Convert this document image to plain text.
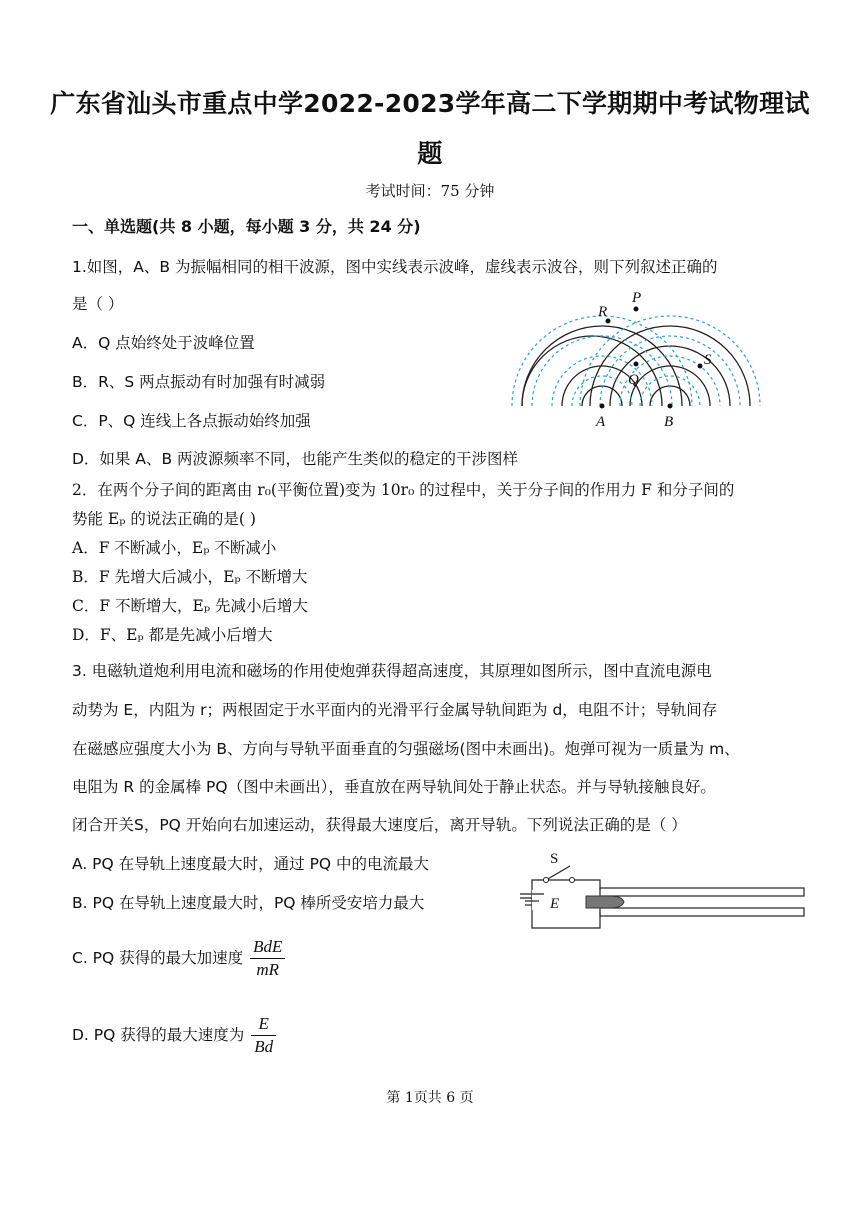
广东省汕头市重点中学2022-2023学年高二下学期期中考试物理试
题
考试时间：75 分钟
一、单选题(共 8 小题，每小题 3 分，共 24 分)
1.如图，A、B 为振幅相同的相干波源，图中实线表示波峰，虚线表示波谷，则下列叙述正确的
是（ ）
A．Q 点始终处于波峰位置
B．R、S 两点振动有时加强有时减弱
C．P、Q 连线上各点振动始终加强
D．如果 A、B 两波源频率不同，也能产生类似的稳定的干涉图样
A	B
Q
P
R
S
2．在两个分子间的距离由 r₀(平衡位置)变为 10r₀ 的过程中，关于分子间的作用力 F 和分子间的
势能 Eₚ 的说法正确的是( )
A．F 不断减小，Eₚ 不断减小
B．F 先增大后减小，Eₚ 不断增大
C．F 不断增大，Eₚ 先减小后增大
D．F、Eₚ 都是先减小后增大
3. 电磁轨道炮利用电流和磁场的作用使炮弹获得超高速度，其原理如图所示，图中直流电源电
动势为 E，内阻为 r；两根固定于水平面内的光滑平行金属导轨间距为 d，电阻不计；导轨间存
在磁感应强度大小为 B、方向与导轨平面垂直的匀强磁场(图中未画出)。炮弹可视为一质量为 m、
电阻为 R 的金属棒 PQ（图中未画出），垂直放在两导轨间处于静止状态。并与导轨接触良好。
闭合开关S，PQ 开始向右加速运动，获得最大速度后，离开导轨。下列说法正确的是（ ）
A. PQ 在导轨上速度最大时，通过 PQ 中的电流最大
B. PQ 在导轨上速度最大时，PQ 棒所受安培力最大
C. PQ 获得的最大加速度 $\frac{\text{BdE}}{mR}$
D. PQ 获得的最大速度为 $\frac{E}{Bd}$
S
E
第 1页共 6 页
